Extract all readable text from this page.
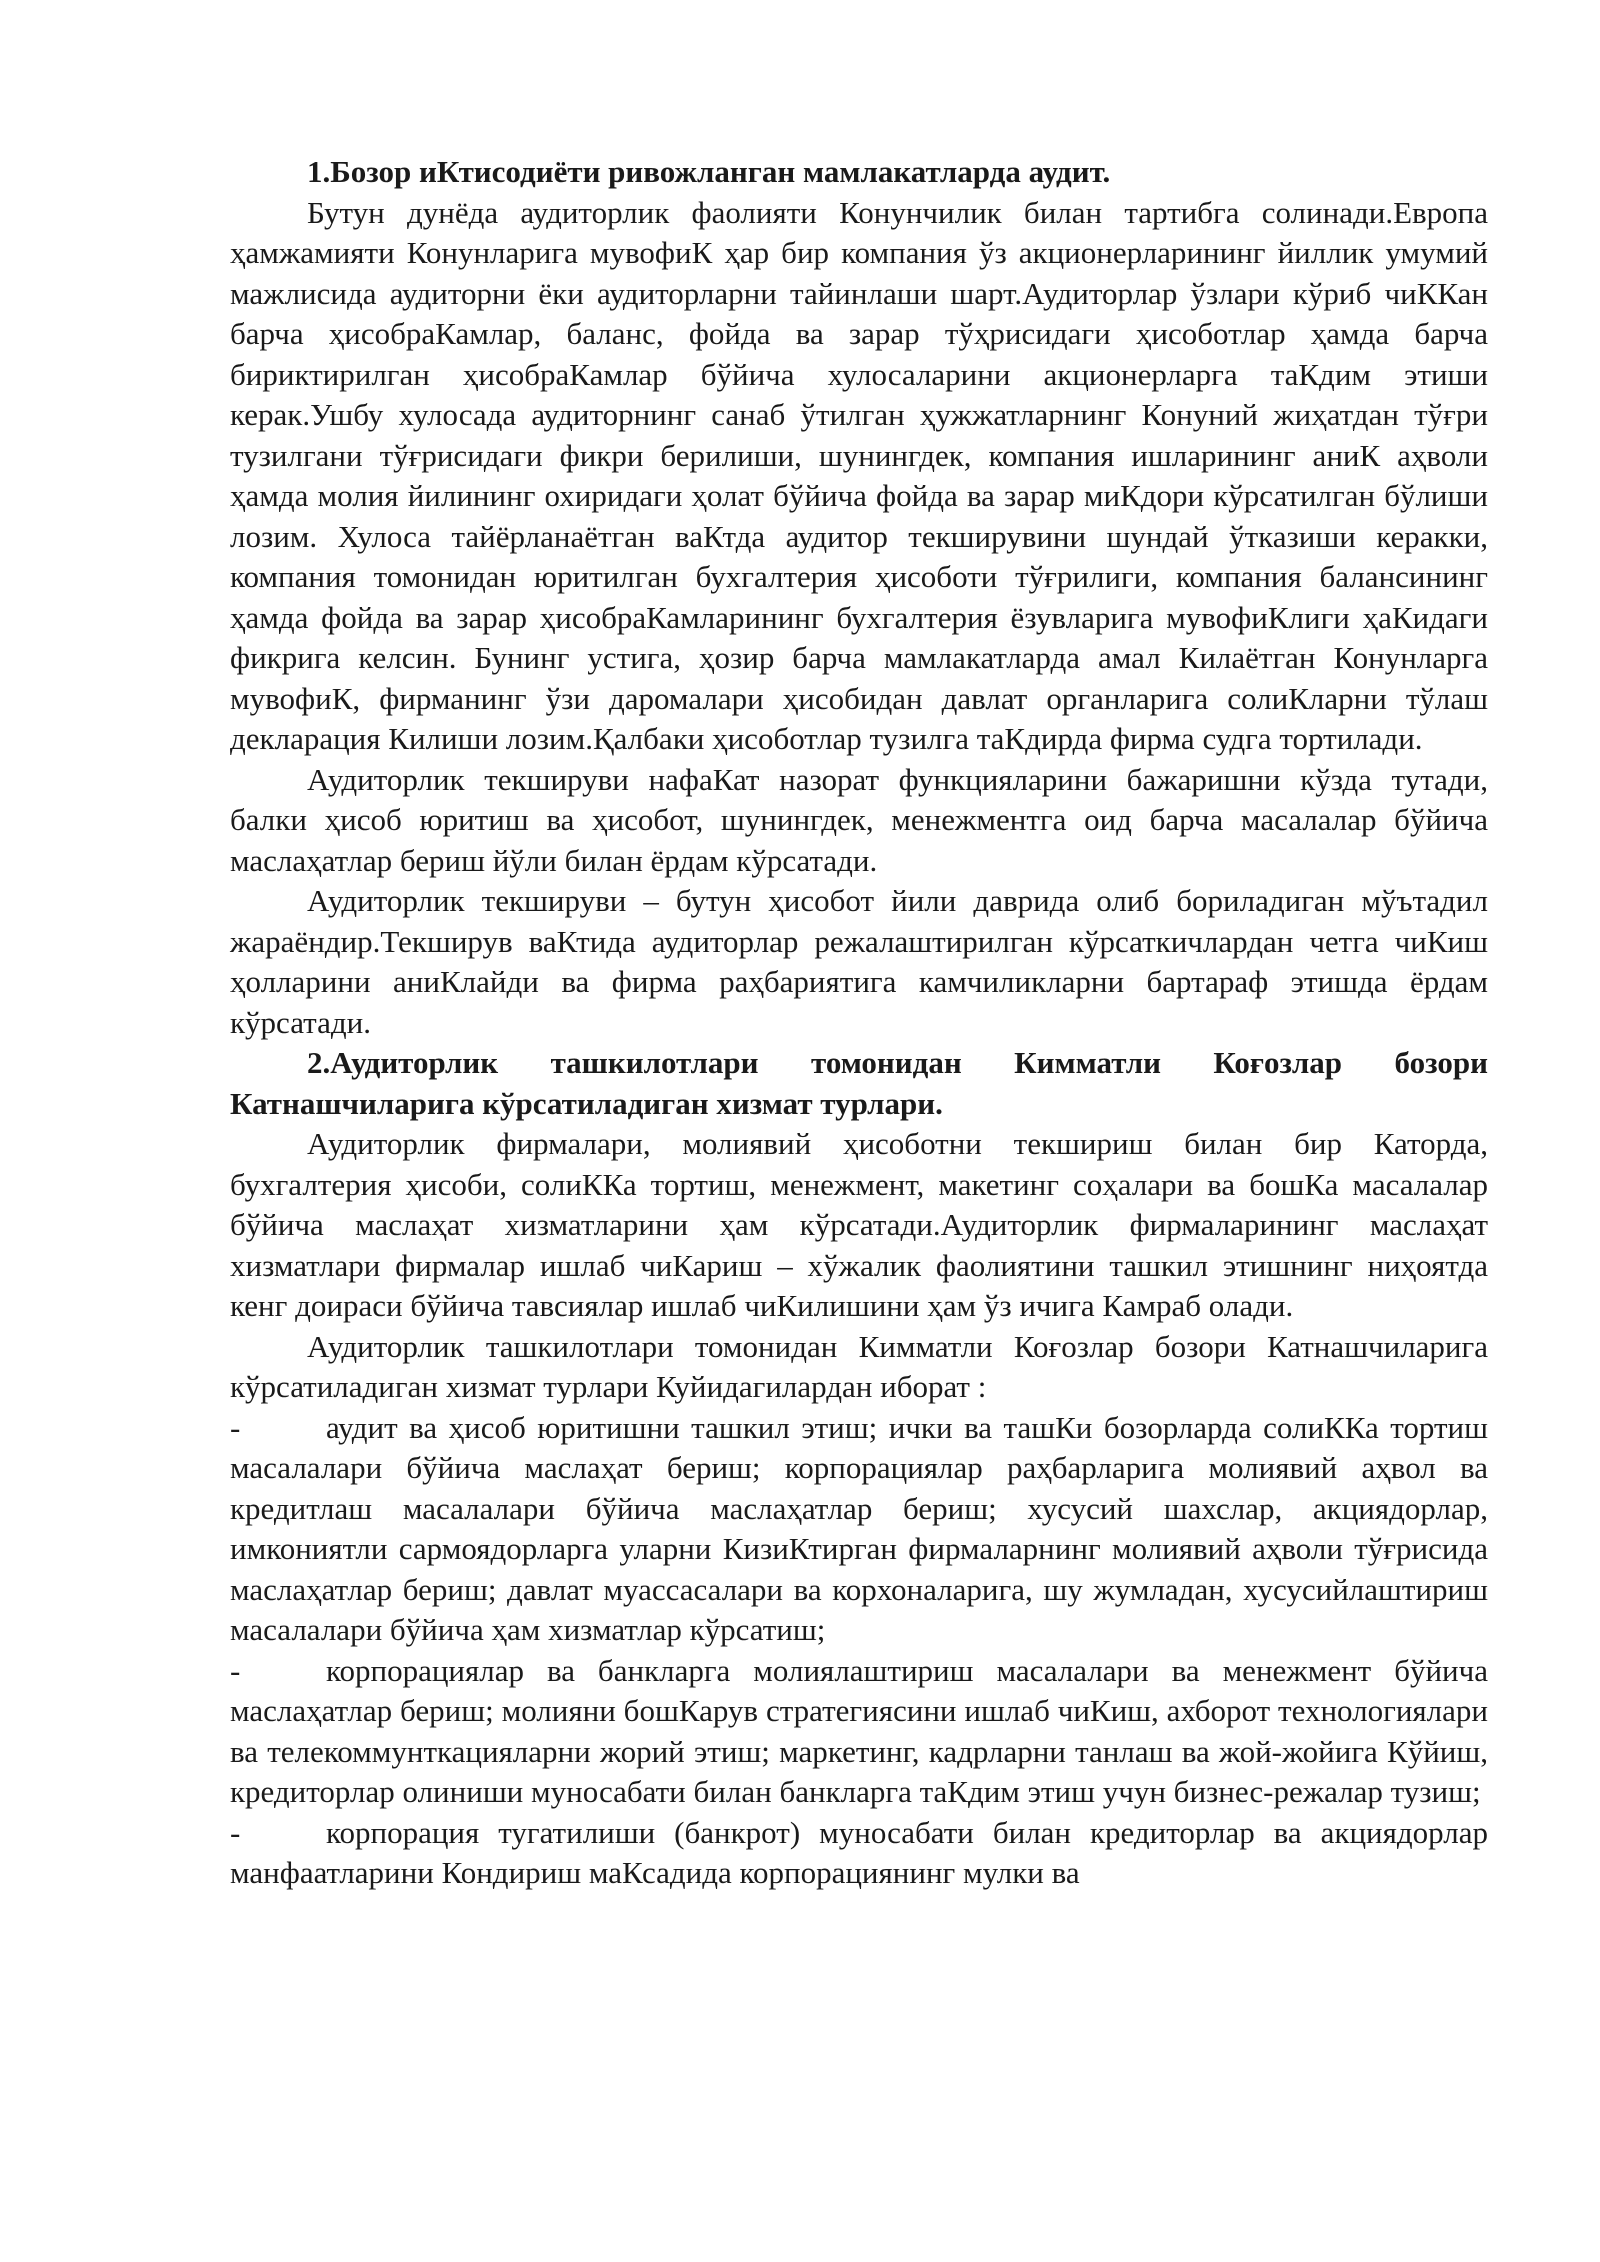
1.Бозор иКтисодиёти ривожланган мамлакатларда аудит.

Бутун дунёда аудиторлик фаолияти Конунчилик билан тартибга солинади.Европа ҳамжамияти Конунларига мувофиК ҳар бир компания ўз акционерларининг йиллик умумий мажлисида аудиторни ёки аудиторларни тайинлаши шарт.Аудиторлар ўзлари кўриб чиККан барча ҳисобраКамлар, баланс, фойда ва зарар тўҳрисидаги ҳисоботлар ҳамда барча бириктирилган ҳисобраКамлар бўйича хулосаларини акционерларга таКдим этиши керак.Ушбу хулосада аудиторнинг санаб ўтилган ҳужжатларнинг Конуний жиҳатдан тўғри тузилгани тўғрисидаги фикри берилиши, шунингдек, компания ишларининг аниК аҳволи ҳамда молия йилининг охиридаги ҳолат бўйича фойда ва зарар миКдори кўрсатилган бўлиши лозим. Хулоса тайёрланаётган ваКтда аудитор текширувини шундай ўтказиши керакки, компания томонидан юритилган бухгалтерия ҳисоботи тўғрилиги, компания балансининг ҳамда фойда ва зарар ҳисобраКамларининг бухгалтерия ёзувларига мувофиКлиги ҳаКидаги фикрига келсин. Бунинг устига, ҳозир барча мамлакатларда амал Килаётган Конунларга мувофиК, фирманинг ўзи даромалари ҳисобидан давлат органларига солиКларни тўлаш декларация Килиши лозим.Қалбаки ҳисоботлар тузилга таКдирда фирма судга тортилади.

Аудиторлик текшируви нафаКат назорат функцияларини бажаришни кўзда тутади, балки ҳисоб юритиш ва ҳисобот, шунингдек, менежментга оид барча масалалар бўйича маслаҳатлар бериш йўли билан ёрдам кўрсатади.

Аудиторлик текшируви – бутун ҳисобот йили даврида олиб бориладиган мўътадил жараёндир.Текширув ваКтида аудиторлар режалаштирилган кўрсаткичлардан четга чиКиш ҳолларини аниКлайди ва фирма раҳбариятига камчиликларни бартараф этишда ёрдам кўрсатади.

2.Аудиторлик ташкилотлари томонидан Кимматли Коғозлар бозори Катнашчиларига кўрсатиладиган хизмат турлари.

Аудиторлик фирмалари, молиявий ҳисоботни текшириш билан бир Каторда, бухгалтерия ҳисоби, солиККа тортиш, менежмент, макетинг соҳалари ва бошКа масалалар бўйича маслаҳат хизматларини ҳам кўрсатади.Аудиторлик фирмаларининг маслаҳат хизматлари фирмалар ишлаб чиКариш – хўжалик фаолиятини ташкил этишнинг ниҳоятда кенг доираси бўйича тавсиялар ишлаб чиКилишини ҳам ўз ичига Камраб олади.

Аудиторлик ташкилотлари томонидан Кимматли Коғозлар бозори Катнашчиларига кўрсатиладиган хизмат турлари Куйидагилардан иборат :

-	аудит ва ҳисоб юритишни ташкил этиш; ички ва ташКи бозорларда солиККа тортиш масалалари бўйича маслаҳат бериш; корпорациялар раҳбарларига молиявий аҳвол ва кредитлаш масалалари бўйича маслаҳатлар бериш; хусусий шахслар, акциядорлар, имкониятли сармоядорларга уларни КизиКтирган фирмаларнинг молиявий аҳволи тўғрисида маслаҳатлар бериш; давлат муассасалари ва корхоналарига, шу жумладан, хусусийлаштириш масалалари бўйича ҳам хизматлар кўрсатиш;

-	корпорациялар ва банкларга молиялаштириш масалалари ва менежмент бўйича маслаҳатлар бериш; молияни бошКарув стратегиясини ишлаб чиКиш, ахборот технологиялари ва телекоммунткацияларни жорий этиш; маркетинг, кадрларни танлаш ва жой-жойига Кўйиш, кредиторлар олиниши муносабати билан банкларга таКдим этиш учун бизнес-режалар тузиш;

-	корпорация тугатилиши (банкрот) муносабати билан кредиторлар ва акциядорлар манфаатларини Кондириш маКсадида корпорациянинг мулки ва
